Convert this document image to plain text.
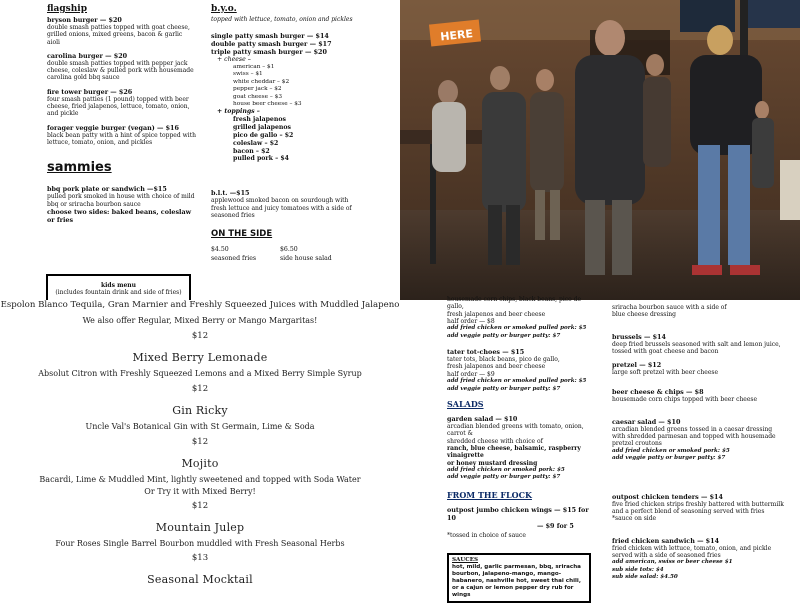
flagship
bryson burger — $20
double smash patties topped with goat cheese, grilled onions, mixed greens, bacon & garlic aioli
carolina burger — $20
double smash patties topped with pepper jack cheese, coleslaw & pulled pork with housemade carolina gold bbq sauce
fire tower burger — $26
four smash patties (1 pound) topped with beer cheese, fried jalapenos, lettuce, tomato, onion, and pickle
forager veggie burger (vegan) — $16
black bean patty with a hint of spice topped with lettuce, tomato, onion, and pickles
sammies
bbq pork plate or sandwich —$15
pulled pork smoked in house with choice of mild bbq or sriracha bourbon sauce
choose two sides: baked beans, coleslaw or fries
b.y.o.
topped with lettuce, tomato, onion and pickles
single patty smash burger — $14
double patty smash burger — $17
triple patty smash burger — $20
+ cheese –
american – $1
swiss – $1
white cheddar – $2
pepper jack – $2
goat cheese – $3
house beer cheese – $3
+ toppings –
fresh jalapenos
grilled jalapenos
pico de gallo – $2
coleslaw – $2
bacon – $2
pulled pork – $4
b.l.t. —$15
applewood smoked bacon on sourdough with fresh lettuce and juicy tomatoes with a side of seasoned fries
ON THE SIDE
$4.50	$6.50
seasoned fries	side house salad
kids menu
(includes fountain drink and side of fries)
HERE
Espolon Blanco Tequila, Gran Marnier and Freshly Squeezed Juices with Muddled Jalapeno
We also offer Regular, Mixed Berry or Mango Margaritas!
$12
Mixed Berry Lemonade
Absolut Citron with Freshly Squeezed Lemons and a Mixed Berry Simple Syrup
$12
Gin Ricky
Uncle Val's Botanical Gin with St Germain, Lime & Soda
$12
Mojito
Bacardi, Lime & Muddled Mint, lightly sweetened and topped with Soda Water
Or Try it with Mixed Berry!
$12
Mountain Julep
Four Roses Single Barrel Bourbon muddled with Fresh Seasonal Herbs
$13
Seasonal Mocktail
housemade corn chips, black beans, pico de gallo,
fresh jalapenos and beer cheese
half order — $8
add fried chicken or smoked pulled pork: $5
add veggie patty or burger patty: $7
tater tot-choes — $15
tater tots, black beans, pico de gallo,
fresh jalapenos and beer cheese
half order — $9
add fried chicken or smoked pulled pork: $5
add veggie patty or burger patty: $7
SALADS
garden salad — $10
arcadian blended greens with tomato, onion, carrot &
shredded cheese with choice of
ranch, blue cheese, balsamic, raspberry vinaigrette
or honey mustard dressing
add fried chicken or smoked pork: $5
add veggie patty or burger patty: $7
FROM THE FLOCK
outpost jumbo chicken wings — $15 for 10
— $9 for 5
*tossed in choice of sauce
SAUCES
hot, mild, garlic parmesan, bbq, sriracha bourbon, jalapeno-mango, mango-habanero, nashville hot, sweet thai chili, or a cajun or lemon pepper dry rub for wings
sriracha bourbon sauce with a side of
blue cheese dressing
brussels — $14
deep fried brussels seasoned with salt and lemon juice,
tossed with goat cheese and bacon
pretzel — $12
large soft pretzel with beer cheese
beer cheese & chips — $8
housemade corn chips topped with beer cheese
caesar salad — $10
arcadian blended greens tossed in a caesar dressing
with shredded parmesan and topped with housemade
pretzel croutons
add fried chicken or smoked pork: $5
add veggie patty or burger patty: $7
outpost chicken tenders — $14
five fried chicken strips freshly battered with buttermilk
and a perfect blend of seasoning served with fries
*sauce on side
fried chicken sandwich — $14
fried chicken with lettuce, tomato, onion, and pickle
served with a side of seasoned fries
add american, swiss or beer cheese $1
sub side tots: $4
sub side salad: $4.50
